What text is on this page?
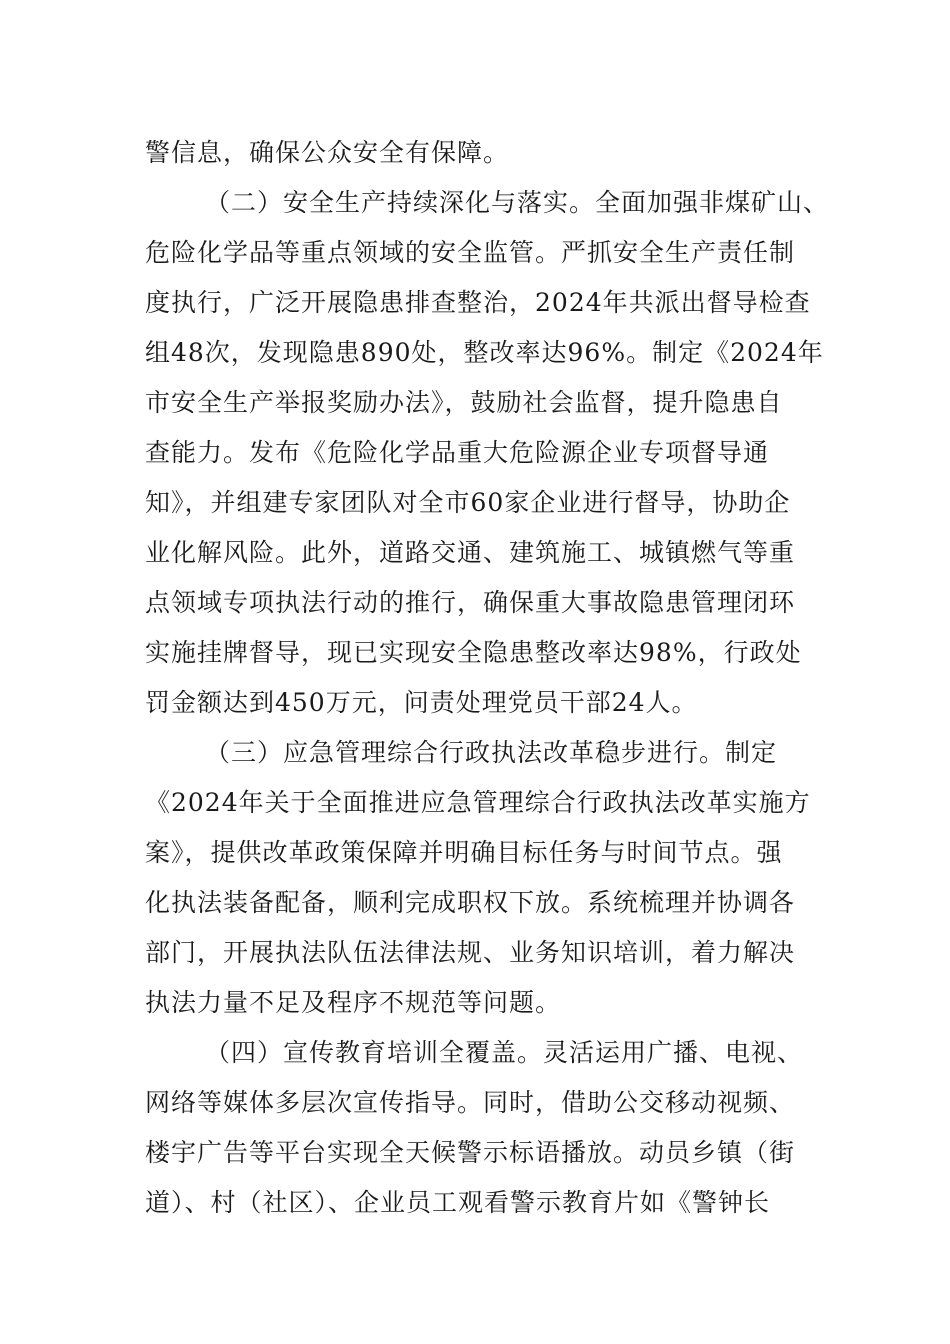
警信息，确保公众安全有保障。
（二）安全生产持续深化与落实。全面加强非煤矿山、
危险化学品等重点领域的安全监管。严抓安全生产责任制
度执行，广泛开展隐患排查整治，2024年共派出督导检查
组48次，发现隐患890处，整改率达96%。制定《2024年
市安全生产举报奖励办法》，鼓励社会监督，提升隐患自
查能力。发布《危险化学品重大危险源企业专项督导通
知》，并组建专家团队对全市60家企业进行督导，协助企
业化解风险。此外，道路交通、建筑施工、城镇燃气等重
点领域专项执法行动的推行，确保重大事故隐患管理闭环
实施挂牌督导，现已实现安全隐患整改率达98%，行政处
罚金额达到450万元，问责处理党员干部24人。
（三）应急管理综合行政执法改革稳步进行。制定
《2024年关于全面推进应急管理综合行政执法改革实施方
案》，提供改革政策保障并明确目标任务与时间节点。强
化执法装备配备，顺利完成职权下放。系统梳理并协调各
部门，开展执法队伍法律法规、业务知识培训，着力解决
执法力量不足及程序不规范等问题。
（四）宣传教育培训全覆盖。灵活运用广播、电视、
网络等媒体多层次宣传指导。同时，借助公交移动视频、
楼宇广告等平台实现全天候警示标语播放。动员乡镇（街
道）、村（社区）、企业员工观看警示教育片如《警钟长
